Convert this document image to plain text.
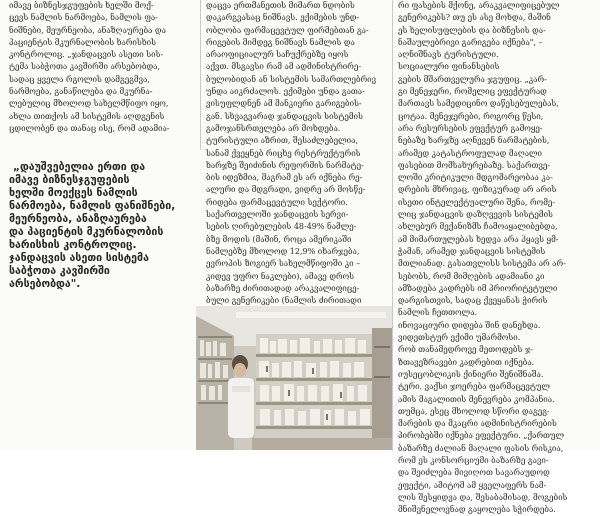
იმავე ბიზნესჯგუფების ხელში მოქ-
ცევს ნამლის ნარმოება, ნამლის ფა-
ნიშნები, მეურნეობა, ანაზღაურება და
პაციენტის მკურნალობის ხარისხის
კონტროლიც. „ჯანდაცვის ასეთი სის-
ტემა საბჭოთა კავშირში არსებობდა,
სადაც ყველა რგოლის დამგეგმვა,
ნარმოება, განაწილება და მკურნა-
ლებულიც მხოლოდ სახელმწიფო იყო,
ახლა თითქოს ამ სისტემის აღდგენის
ცდილობენ და თანაც ისე, რომ ადამია-
„დაუშვებელია ერთი და

იმავე ბიზნესჯგუფების
ხელში მოექცეს ნამლის
ნარმოება, ნამლის ფანიშნები,
მეურნეობა, ანაზღაურება
და პაციენტის მკურნალობის
ხარისხის კონტროლიც.
ჯანდაცვის ასეთი სისტემა
საბჭოთა კავშირში
არსებობდა".
დაცვა ერთმანეთის მიმართ ნდობის
დაკარგვასაც ნიშნავს. ექიმების უნდ-
ობლობა ფარმაცევტულ ფირმებთან გა-
რიგების მიმდეგ ნიშნავს ნამლის და
არაოფიციალურ საჩუქრებზე იყოს
აქვთ. მსგავსი რამ ამ ადმინისტრირე-
ბულობიდან ან სისტემის სამართლებრივ
უნდა აიკრძალოს. ექიმები უნდა გათა-
ვისუფლდნენ ამ მანკიერი გარიგების-
გან. სხვაგვარად ჯანდაცვის სისტემის
გამოჯანსრთელება არ მოხდება.
ტურისტული აზრით, შესაძლებელია,
სანამ ქვეყნებ რიცხე რესტრუქტურის
ხარჯზე შეიძინის რეფორმის ნარმატე-
ბის იდეზმია, მაგრამ ეს არ იქნება რე-
ალური და მდგრადი, ვიდრე არ მოსწე-
რიდება ფარმაცევტული სექტორი.
საქართველოში ჯანდაცვის სერვი-
სების ღირებულების 48-49% ნამლე-
ბზე მოდის (მაშინ, როცა ამერიკაში
ნამლებზე მხოლოდ 12,9% იხარჯება,
ევროპის ზოგიერ სახელმწიფოში კი –
კიდევ უფრო ნაკლები), ამავე დროს
ბაზარზე ძირითადად არაკვალიფიცე-
ბული გენერიკები (ნამლის ძირითადი
რი ფასების მქონე, არაკვალიფიცებულ
გენერიკებს? თუ ეს ასე მოხდა, მაშინ
ეს ხელისუფლების და ბიზნესის და-
ნაშაულებრივი გარიგება იქნება", –
აღნიშნავს ტურისტული.
სოციალური ფინანსების
გების მშართველურა ჯგუფიც. „კარ-
გი მენეჯერი, რომელიც ეფექტურად
მართავს სამედიცინო დაწესებულებას,
ცოტაა. მენეჯერები, როგორც წესი,
არა რესურსების ეფექტურ გამოყე-
ნებაზე ხარჯზე აღნევენ ნარმატების,
არამედ კატასტროფულად მაღალი
ფასებით მომსახურებაზე. საქართვე-
ლოში კრიტიკული მდგომარეობაა კა-
დრების მხრივაც, ფიზიკურად არ არის
ისეთი ინტელექტუალური შენა, რომე-
ლიც ჯანდაცვის დაზღვევის სისტემის
ახლებურ მექანიზმს ჩამოაყალიბებდა,
ამ მიმართულებას ხედვა არა ჰყავს ყმ-
ჭამან, არამედ ჯანდაცვის სისტემის
მთლიანად. გასათვლისს სისტემა არ არ-
სებობს, რომ მიმღების ადამიანი კი
ამზადება კადრებს იმ პრიორიტეტული
დარგისთვის, სადაც ქვეყანას ჭირის
ნამლის ჩეთთოლა.
ინოვაციური დიდება შინ დანეხდა.
ვიდეთსტურ ექიმი უმარმოსი.
რობ თანამედროვე მეთოდებს ჯ-
ზთავეზრავები კადრებით იქნება.
იუსეცობლიკის ქინიერი შენიშნაშა.
ტერი. ვაქსი ჯოერება ფარმაცევტულ
ამის მაგალითის მენევრება კომპანია.
თუმცა, ესეც მხოლოდ სწორი დაგეგ-
მარების და მკაცრი ადმინისტრირების
პირობებში იქნება ეფექტური. „ქართულ
ბაზარზე ძალიან მაღალი ფასის რისკია,
რომ ეს კონსორციუმი ბაზარზე გავი-
და შეიძლება მივიღოთ სავარაუდოდ
ეფექტი, ამიტომ ამ ყველაფერს ნამ-
ლის შესყიდვა და, შესაბამისად, მოგების
მნიშვნელოვნად გაყოლება სჭირდება.
